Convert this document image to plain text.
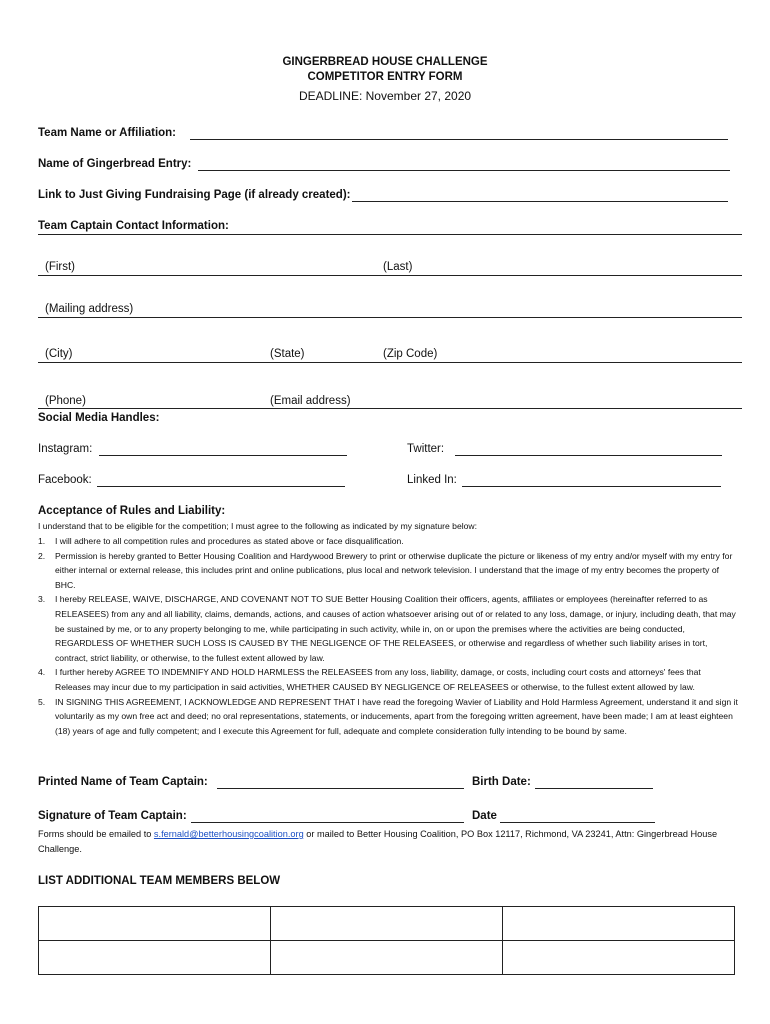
GINGERBREAD HOUSE CHALLENGE
COMPETITOR ENTRY FORM
DEADLINE: November 27, 2020
Team Name or Affiliation:
Name of Gingerbread Entry:
Link to Just Giving Fundraising Page (if already created):
Team Captain Contact Information:
(First)	(Last)
(Mailing address)
(City)	(State)	(Zip Code)
(Phone)	(Email address)
Social Media Handles:
Instagram:	Twitter:
Facebook:	Linked In:
Acceptance of Rules and Liability:
I understand that to be eligible for the competition; I must agree to the following as indicated by my signature below:
1. I will adhere to all competition rules and procedures as stated above or face disqualification.
2. Permission is hereby granted to Better Housing Coalition and Hardywood Brewery to print or otherwise duplicate the picture or likeness of my entry and/or myself with my entry for either internal or external release, this includes print and online publications, plus local and network television. I understand that the image of my entry becomes the property of BHC.
3. I hereby RELEASE, WAIVE, DISCHARGE, AND COVENANT NOT TO SUE Better Housing Coalition their officers, agents, affiliates or employees (hereinafter referred to as RELEASEES) from any and all liability, claims, demands, actions, and causes of action whatsoever arising out of or related to any loss, damage, or injury, including death, that may be sustained by me, or to any property belonging to me, while participating in such activity, while in, on or upon the premises where the activities are being conducted, REGARDLESS OF WHETHER SUCH LOSS IS CAUSED BY THE NEGLIGENCE OF THE RELEASEES, or otherwise and regardless of whether such liability arises in tort, contract, strict liability, or otherwise, to the fullest extent allowed by law.
4. I further hereby AGREE TO INDEMNIFY AND HOLD HARMLESS the RELEASEES from any loss, liability, damage, or costs, including court costs and attorneys' fees that Releases may incur due to my participation in said activities, WHETHER CAUSED BY NEGLIGENCE OF RELEASEES or otherwise, to the fullest extent allowed by law.
5. IN SIGNING THIS AGREEMENT, I ACKNOWLEDGE AND REPRESENT THAT I have read the foregoing Wavier of Liability and Hold Harmless Agreement, understand it and sign it voluntarily as my own free act and deed; no oral representations, statements, or inducements, apart from the foregoing written agreement, have been made; I am at least eighteen (18) years of age and fully competent; and I execute this Agreement for full, adequate and complete consideration fully intending to be bound by same.
Printed Name of Team Captain:	Birth Date:
Signature of Team Captain:	Date
Forms should be emailed to s.fernald@betterhousingcoalition.org or mailed to Better Housing Coalition, PO Box 12117, Richmond, VA 23241, Attn: Gingerbread House Challenge.
LIST ADDITIONAL TEAM MEMBERS BELOW
